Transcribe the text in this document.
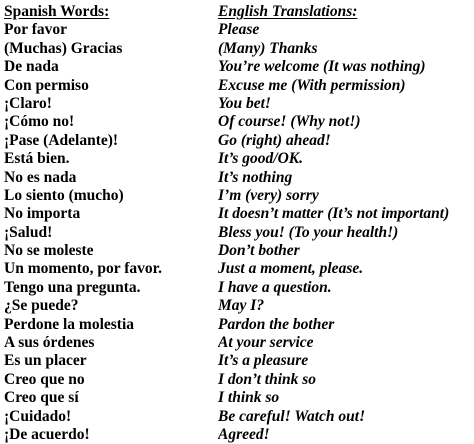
Spanish Words:
Por favor
(Muchas) Gracias
De nada
Con permiso
¡Claro!
¡Cómo no!
¡Pase (Adelante)!
Está bien.
No es nada
Lo siento (mucho)
No importa
¡Salud!
No se moleste
Un momento, por favor.
Tengo una pregunta.
¿Se puede?
Perdone la molestia
A sus órdenes
Es un placer
Creo que no
Creo que sí
¡Cuidado!
¡De acuerdo!
English Translations:
Please
(Many) Thanks
You’re welcome (It was nothing)
Excuse me (With permission)
You bet!
Of course! (Why not!)
Go (right) ahead!
It’s good/OK.
It’s nothing
I’m (very) sorry
It doesn’t matter (It’s not important)
Bless you! (To your health!)
Don’t bother
Just a moment, please.
I have a question.
May I?
Pardon the bother
At your service
It’s a pleasure
I don’t think so
I think so
Be careful! Watch out!
Agreed!
